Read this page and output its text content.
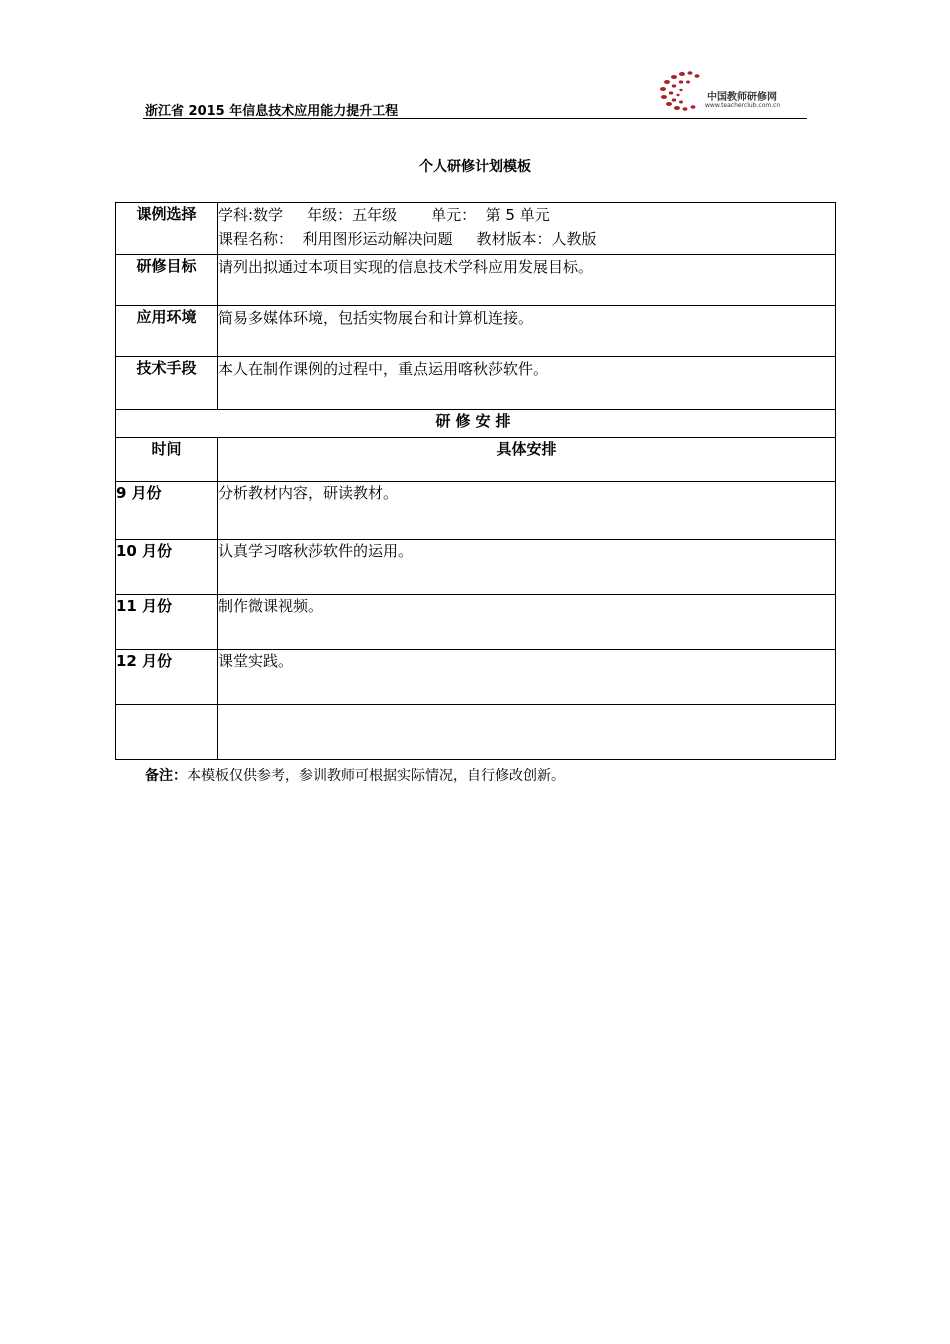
浙江省 2015 年信息技术应用能力提升工程
中国教师研修网
www.teacherclub.com.cn
个人研修计划模板
课例选择	学科:数学 年级：五年级 单元：  第 5 单元
课程名称：  利用图形运动解决问题 教材版本：人教版

研修目标	请列出拟通过本项目实现的信息技术学科应用发展目标。
应用环境	简易多媒体环境，包括实物展台和计算机连接。
技术手段	本人在制作课例的过程中，重点运用喀秋莎软件。
研修安排	
时间	具体安排
9 月份	分析教材内容，研读教材。
10 月份	认真学习喀秋莎软件的运用。
11 月份	制作微课视频。
12 月份	课堂实践。

备注：本模板仅供参考，参训教师可根据实际情况，自行修改创新。
